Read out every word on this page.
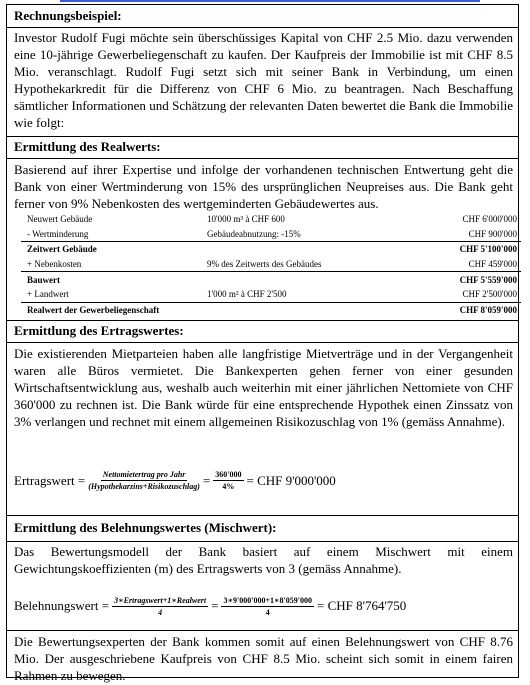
Rechnungsbeispiel:

Investor Rudolf Fugi möchte sein überschüssiges Kapital von CHF 2.5 Mio. dazu verwenden eine 10-jährige Gewerbeliegenschaft zu kaufen. Der Kaufpreis der Immobilie ist mit CHF 8.5 Mio. veranschlagt. Rudolf Fugi setzt sich mit seiner Bank in Verbindung, um einen Hypothekarkredit für die Differenz von CHF 6 Mio. zu beantragen. Nach Beschaffung sämtlicher Informationen und Schätzung der relevanten Daten bewertet die Bank die Immobilie wie folgt:

Ermittlung des Realwerts:

Basierend auf ihrer Expertise und infolge der vorhandenen technischen Entwertung geht die Bank von einer Wertminderung von 15% des ursprünglichen Neupreises aus. Die Bank geht ferner von 9% Nebenkosten des wertgeminderten Gebäudewertes aus.

Neuwert Gebäude	10'000 m³ à CHF 600	CHF 6'000'000
- Wertminderung	Gebäudeabnutzung: -15%	CHF 900'000
Zeitwert Gebäude		CHF 5'100'000
+ Nebenkosten	9% des Zeitwerts des Gebäudes	CHF 459'000
Bauwert		CHF 5'559'000
+ Landwert	1'000 m² à CHF 2'500	CHF 2'500'000
Realwert der Gewerbeliegenschaft		CHF 8'059'000
Ermittlung des Ertragswertes:

Die existierenden Mietparteien haben alle langfristige Mietverträge und in der Vergangenheit waren alle Büros vermietet. Die Bankexperten gehen ferner von einer gesunden Wirtschaftsentwicklung aus, weshalb auch weiterhin mit einer jährlichen Nettomiete von CHF 360'000 zu rechnen ist. Die Bank würde für eine entsprechende Hypothek einen Zinssatz von 3% verlangen und rechnet mit einem allgemeinen Risikozuschlag von 1% (gemäss Annahme).

Ertragswert = $\frac{\text{Nettomietertrag pro Jahr}}{\text{(Hypothekarzins+Risikozuschlag)}} = \frac{360'000}{4\%}$ = CHF 9'000'000
Ermittlung des Belehnungswertes (Mischwert):

Das Bewertungsmodell der Bank basiert auf einem Mischwert mit einem Gewichtungskoeffizienten (m) des Ertragswerts von 3 (gemäss Annahme).

Belehnungswert = $\frac{\text{3∗Ertragswert+1∗Realwert}}{4} = \frac{3∗9'000'000+1∗8'059'000}{4}$ = CHF 8'764'750

Die Bewertungsexperten der Bank kommen somit auf einen Belehnungswert von CHF 8.76 Mio. Der ausgeschriebene Kaufpreis von CHF 8.5 Mio. scheint sich somit in einem fairen Rahmen zu bewegen.
